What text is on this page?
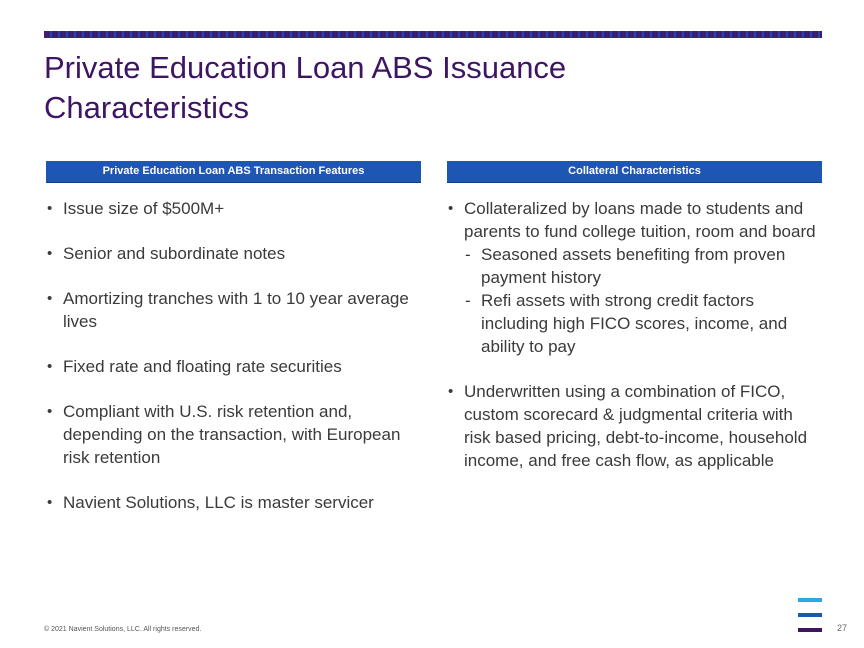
Private Education Loan ABS Issuance Characteristics
Private Education Loan ABS Transaction Features
• Issue size of $500M+
• Senior and subordinate notes
• Amortizing tranches with 1 to 10 year average lives
• Fixed rate and floating rate securities
• Compliant with U.S. risk retention and, depending on the transaction, with European risk retention
• Navient Solutions, LLC is master servicer
Collateral Characteristics
• Collateralized by loans made to students and parents to fund college tuition, room and board
- Seasoned assets benefiting from proven payment history
- Refi assets with strong credit factors including high FICO scores, income, and ability to pay
• Underwritten using a combination of FICO, custom scorecard & judgmental criteria with risk based pricing, debt-to-income, household income, and free cash flow, as applicable
© 2021 Navient Solutions, LLC. All rights reserved.	27
